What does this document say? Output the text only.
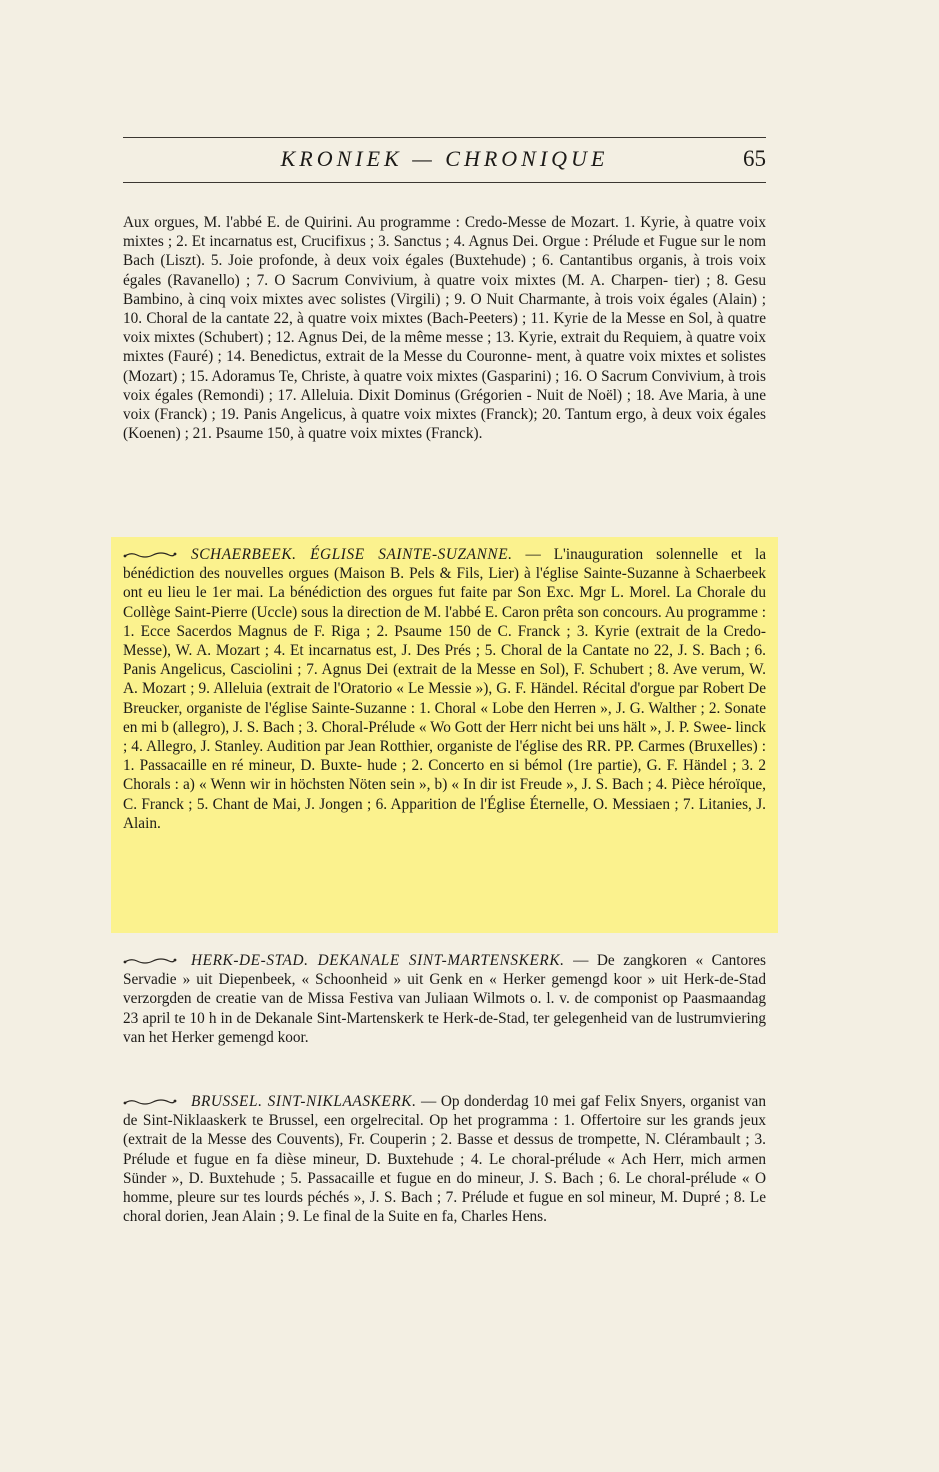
KRONIEK — CHRONIQUE	65
Aux orgues, M. l'abbé E. de Quirini. Au programme : Credo-Messe de Mozart. 1. Kyrie, à quatre voix mixtes ; 2. Et incarnatus est, Crucifixus ; 3. Sanctus ; 4. Agnus Dei. Orgue : Prélude et Fugue sur le nom Bach (Liszt). 5. Joie profonde, à deux voix égales (Buxtehude) ; 6. Cantantibus organis, à trois voix égales (Ravanello) ; 7. O Sacrum Convivium, à quatre voix mixtes (M. A. Charpen- tier) ; 8. Gesu Bambino, à cinq voix mixtes avec solistes (Virgili) ; 9. O Nuit Charmante, à trois voix égales (Alain) ; 10. Choral de la cantate 22, à quatre voix mixtes (Bach-Peeters) ; 11. Kyrie de la Messe en Sol, à quatre voix mixtes (Schubert) ; 12. Agnus Dei, de la même messe ; 13. Kyrie, extrait du Requiem, à quatre voix mixtes (Fauré) ; 14. Benedictus, extrait de la Messe du Couronne- ment, à quatre voix mixtes et solistes (Mozart) ; 15. Adoramus Te, Christe, à quatre voix mixtes (Gasparini) ; 16. O Sacrum Convivium, à trois voix égales (Remondi) ; 17. Alleluia. Dixit Dominus (Grégorien - Nuit de Noël) ; 18. Ave Maria, à une voix (Franck) ; 19. Panis Angelicus, à quatre voix mixtes (Franck); 20. Tantum ergo, à deux voix égales (Koenen) ; 21. Psaume 150, à quatre voix mixtes (Franck).
SCHAERBEEK. ÉGLISE SAINTE-SUZANNE. — L'inauguration solennelle et la bénédiction des nouvelles orgues (Maison B. Pels & Fils, Lier) à l'église Sainte-Suzanne à Schaerbeek ont eu lieu le 1er mai. La bénédiction des orgues fut faite par Son Exc. Mgr L. Morel. La Chorale du Collège Saint-Pierre (Uccle) sous la direction de M. l'abbé E. Caron prêta son concours. Au programme : 1. Ecce Sacerdos Magnus de F. Riga ; 2. Psaume 150 de C. Franck ; 3. Kyrie (extrait de la Credo-Messe), W. A. Mozart ; 4. Et incarnatus est, J. Des Prés ; 5. Choral de la Cantate no 22, J. S. Bach ; 6. Panis Angelicus, Casciolini ; 7. Agnus Dei (extrait de la Messe en Sol), F. Schubert ; 8. Ave verum, W. A. Mozart ; 9. Alleluia (extrait de l'Oratorio « Le Messie »), G. F. Händel. Récital d'orgue par Robert De Breucker, organiste de l'église Sainte-Suzanne : 1. Choral « Lobe den Herren », J. G. Walther ; 2. Sonate en mi b (allegro), J. S. Bach ; 3. Choral-Prélude « Wo Gott der Herr nicht bei uns hält », J. P. Swee- linck ; 4. Allegro, J. Stanley. Audition par Jean Rotthier, organiste de l'église des RR. PP. Carmes (Bruxelles) : 1. Passacaille en ré mineur, D. Buxte- hude ; 2. Concerto en si bémol (1re partie), G. F. Händel ; 3. 2 Chorals : a) « Wenn wir in höchsten Nöten sein », b) « In dir ist Freude », J. S. Bach ; 4. Pièce héroïque, C. Franck ; 5. Chant de Mai, J. Jongen ; 6. Apparition de l'Église Éternelle, O. Messiaen ; 7. Litanies, J. Alain.
HERK-DE-STAD. DEKANALE SINT-MARTENSKERK. — De zangkoren « Cantores Servadie » uit Diepenbeek, « Schoonheid » uit Genk en « Herker gemengd koor » uit Herk-de-Stad verzorgden de creatie van de Missa Festiva van Juliaan Wilmots o. l. v. de componist op Paasmaandag 23 april te 10 h in de Dekanale Sint-Martenskerk te Herk-de-Stad, ter gelegenheid van de lustrumviering van het Herker gemengd koor.
BRUSSEL. SINT-NIKLAASKERK. — Op donderdag 10 mei gaf Felix Snyers, organist van de Sint-Niklaaskerk te Brussel, een orgelrecital. Op het programma : 1. Offertoire sur les grands jeux (extrait de la Messe des Couvents), Fr. Couperin ; 2. Basse et dessus de trompette, N. Clérambault ; 3. Prélude et fugue en fa dièse mineur, D. Buxtehude ; 4. Le choral-prélude « Ach Herr, mich armen Sünder », D. Buxtehude ; 5. Passacaille et fugue en do mineur, J. S. Bach ; 6. Le choral-prélude « O homme, pleure sur tes lourds péchés », J. S. Bach ; 7. Prélude et fugue en sol mineur, M. Dupré ; 8. Le choral dorien, Jean Alain ; 9. Le final de la Suite en fa, Charles Hens.
